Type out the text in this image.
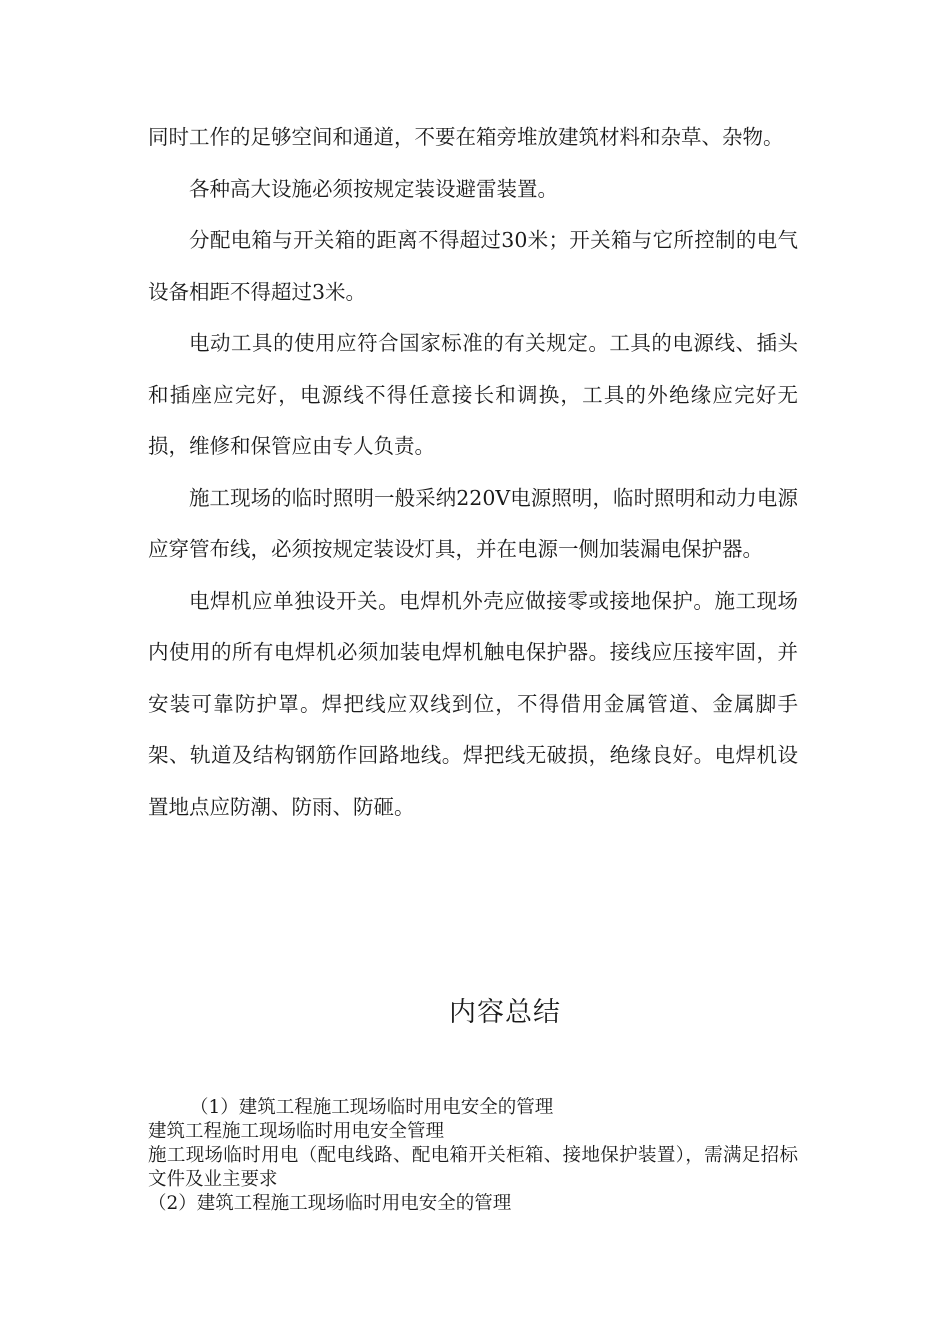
同时工作的足够空间和通道，不要在箱旁堆放建筑材料和杂草、杂物。

各种高大设施必须按规定装设避雷装置。

分配电箱与开关箱的距离不得超过30米；开关箱与它所控制的电气设备相距不得超过3米。

电动工具的使用应符合国家标准的有关规定。工具的电源线、插头和插座应完好，电源线不得任意接长和调换，工具的外绝缘应完好无损，维修和保管应由专人负责。

施工现场的临时照明一般采纳220V电源照明，临时照明和动力电源应穿管布线，必须按规定装设灯具，并在电源一侧加装漏电保护器。

电焊机应单独设开关。电焊机外壳应做接零或接地保护。施工现场内使用的所有电焊机必须加装电焊机触电保护器。接线应压接牢固，并安装可靠防护罩。焊把线应双线到位，不得借用金属管道、金属脚手架、轨道及结构钢筋作回路地线。焊把线无破损，绝缘良好。电焊机设置地点应防潮、防雨、防砸。

内容总结

（1）建筑工程施工现场临时用电安全的管理

建筑工程施工现场临时用电安全管理

施工现场临时用电（配电线路、配电箱开关柜箱、接地保护装置），需满足招标文件及业主要求

（2）建筑工程施工现场临时用电安全的管理
